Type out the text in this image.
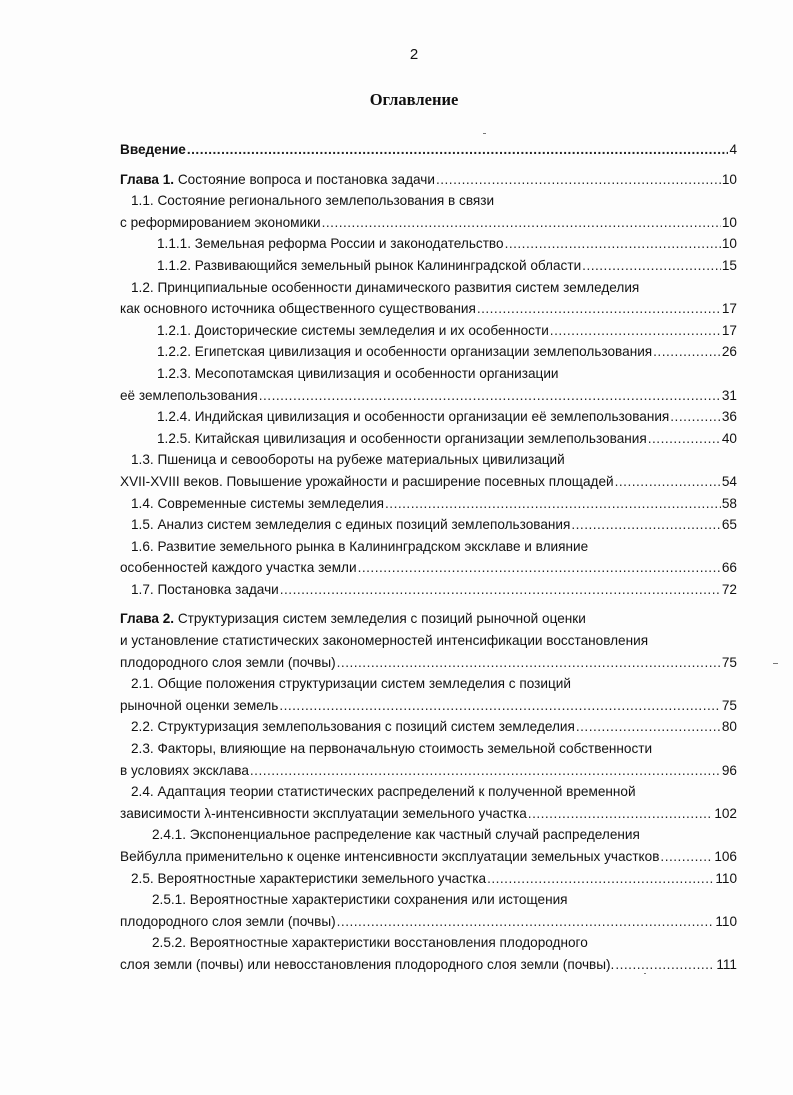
2
Оглавление
Введение .....	4
Глава 1. Состояние вопроса и постановка задачи .....	10
1.1. Состояние регионального землепользования в связи
с реформированием экономики .....	10
1.1.1. Земельная реформа России и законодательство .....	10
1.1.2. Развивающийся земельный рынок Калининградской области .....	15
1.2. Принципиальные особенности динамического развития систем земледелия
как основного источника общественного существования .....	17
1.2.1. Доисторические системы земледелия и их особенности .....	17
1.2.2. Египетская цивилизация и особенности организации землепользования .....	26
1.2.3. Месопотамская цивилизация и особенности организации
её землепользования .....	31
1.2.4. Индийская цивилизация и особенности организации её землепользования .....	36
1.2.5. Китайская цивилизация и особенности организации землепользования .....	40
1.3. Пшеница и севообороты на рубеже материальных цивилизаций
XVII-XVIII веков. Повышение урожайности и расширение посевных площадей .....	54
1.4. Современные системы земледелия .....	58
1.5. Анализ систем земледелия с единых позиций землепользования .....	65
1.6. Развитие земельного рынка в Калининградском эксклаве и влияние
особенностей каждого участка земли .....	66
1.7. Постановка задачи .....	72
Глава 2. Структуризация систем земледелия с позиций рыночной оценки
и установление статистических закономерностей интенсификации восстановления
плодородного слоя земли (почвы) .....	75
2.1. Общие положения структуризации систем земледелия с позиций
рыночной оценки земель .....	75
2.2. Структуризация землепользования с позиций систем земледелия .....	80
2.3. Факторы, влияющие на первоначальную стоимость земельной собственности
в условиях эксклава .....	96
2.4. Адаптация теории статистических распределений к полученной временной
зависимости λ-интенсивности эксплуатации земельного участка .....	102
2.4.1. Экспоненциальное распределение как частный случай распределения
Вейбулла применительно к оценке интенсивности эксплуатации земельных участков .....	106
2.5. Вероятностные характеристики земельного участка .....	110
2.5.1. Вероятностные характеристики сохранения или истощения
плодородного слоя земли (почвы) .....	110
2.5.2. Вероятностные характеристики восстановления плодородного
слоя земли (почвы) или невосстановления плодородного слоя земли (почвы). .....	111
